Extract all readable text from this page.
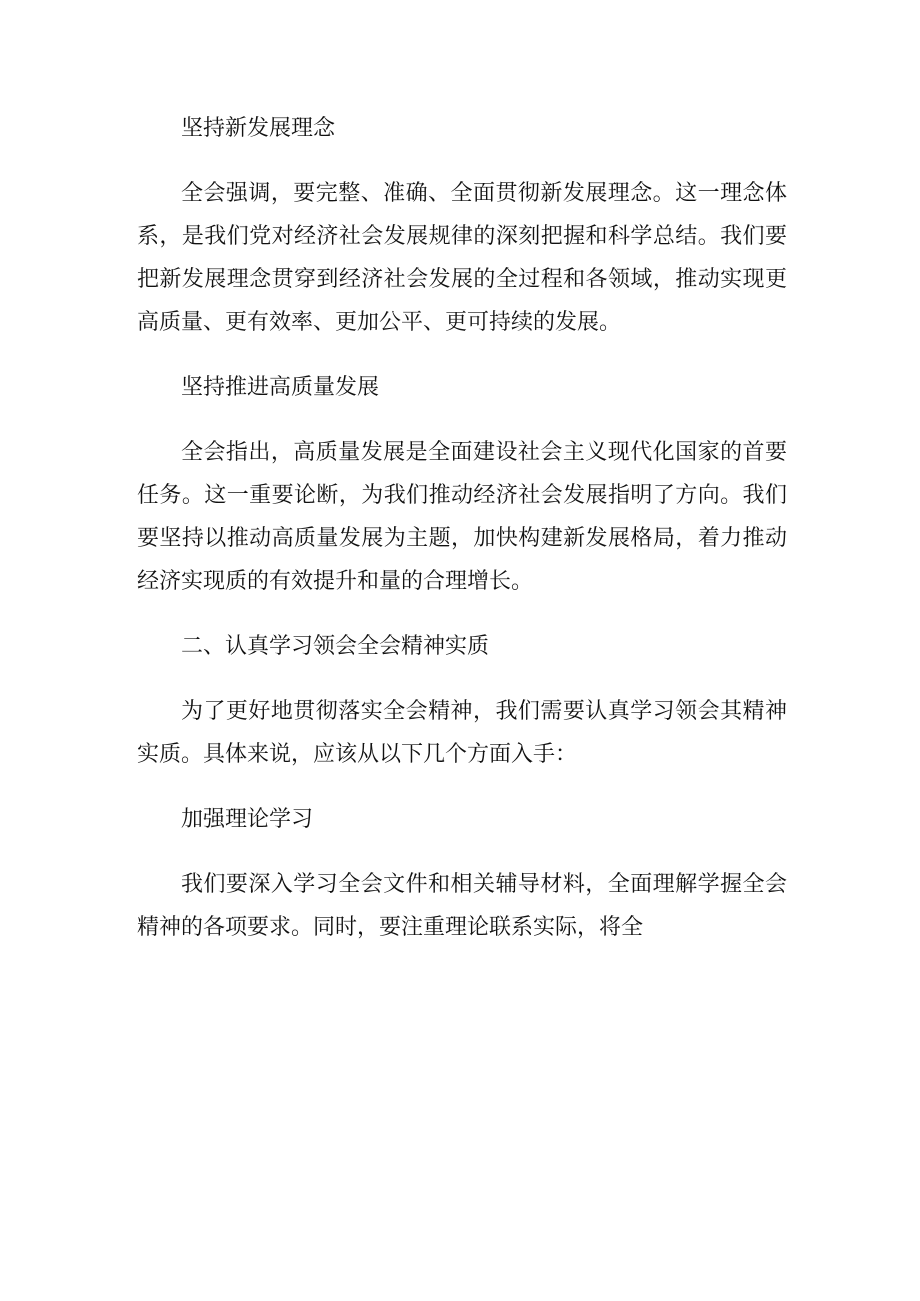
坚持新发展理念

全会强调，要完整、准确、全面贯彻新发展理念。这一理念体系，是我们党对经济社会发展规律的深刻把握和科学总结。我们要把新发展理念贯穿到经济社会发展的全过程和各领域，推动实现更高质量、更有效率、更加公平、更可持续的发展。

坚持推进高质量发展

全会指出，高质量发展是全面建设社会主义现代化国家的首要任务。这一重要论断，为我们推动经济社会发展指明了方向。我们要坚持以推动高质量发展为主题，加快构建新发展格局，着力推动经济实现质的有效提升和量的合理增长。

二、认真学习领会全会精神实质

为了更好地贯彻落实全会精神，我们需要认真学习领会其精神实质。具体来说，应该从以下几个方面入手：

加强理论学习

我们要深入学习全会文件和相关辅导材料，全面理解学握全会精神的各项要求。同时，要注重理论联系实际，将全
